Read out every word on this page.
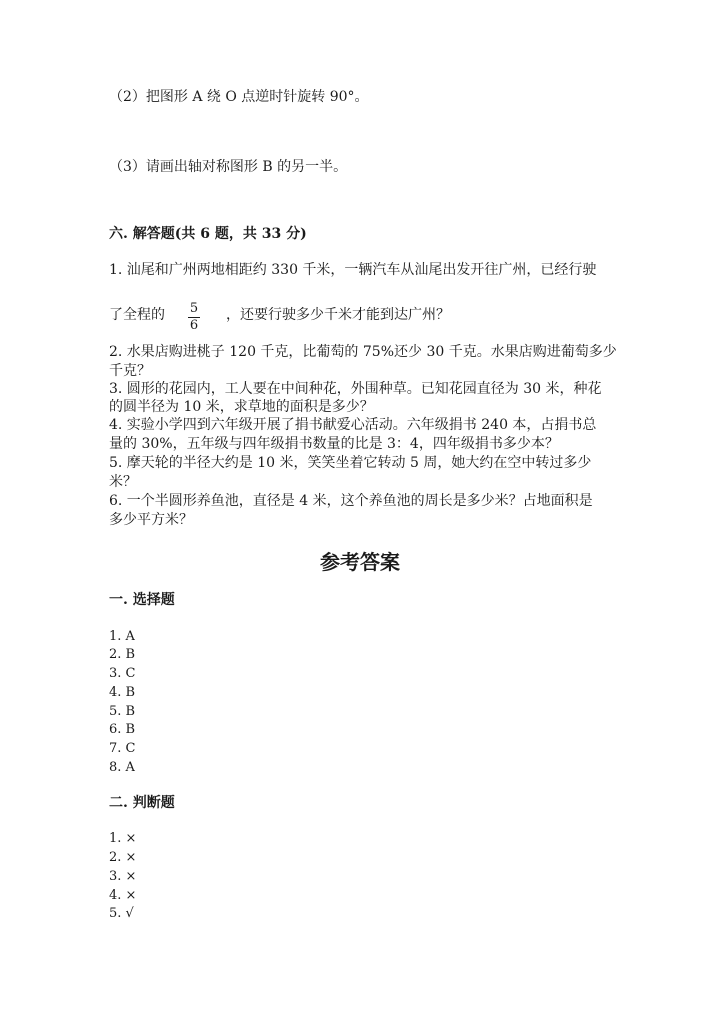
（2）把图形 A 绕 O 点逆时针旋转 90°。
（3）请画出轴对称图形 B 的另一半。
六. 解答题(共 6 题，共 33 分)
1. 汕尾和广州两地相距约 330 千米，一辆汽车从汕尾出发开往广州，已经行驶
了全程的 5
6
，还要行驶多少千米才能到达广州？
2. 水果店购进桃子 120 千克，比葡萄的 75%还少 30 千克。水果店购进葡萄多少
千克？
3. 圆形的花园内，工人要在中间种花，外围种草。已知花园直径为 30 米，种花
的圆半径为 10 米，求草地的面积是多少？
4. 实验小学四到六年级开展了捐书献爱心活动。六年级捐书 240 本，占捐书总
量的 30%，五年级与四年级捐书数量的比是 3：4，四年级捐书多少本？
5. 摩天轮的半径大约是 10 米，笑笑坐着它转动 5 周，她大约在空中转过多少
米？
6. 一个半圆形养鱼池，直径是 4 米，这个养鱼池的周长是多少米？占地面积是
多少平方米？
参考答案
一. 选择题
1. A
2. B
3. C
4. B
5. B
6. B
7. C
8. A
二. 判断题
1. ×
2. ×
3. ×
4. ×
5. √
